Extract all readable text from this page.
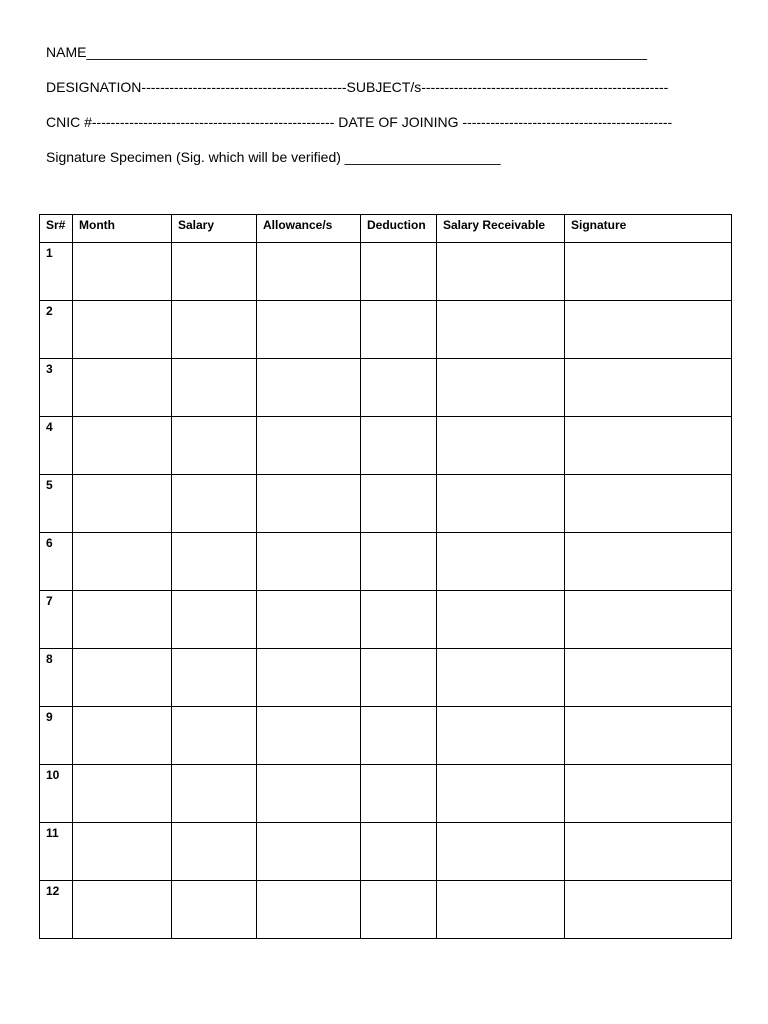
NAME________________________________________________________________________
DESIGNATION--------------------------------------------SUBJECT/s-----------------------------------------------------
CNIC #---------------------------------------------------- DATE OF JOINING ---------------------------------------------
Signature Specimen (Sig. which will be verified) ____________________
Sr#	Month	Salary	Allowance/s	Deduction	Salary Receivable	Signature
1						
2						
3						
4						
5						
6						
7						
8						
9						
10						
11						
12						
